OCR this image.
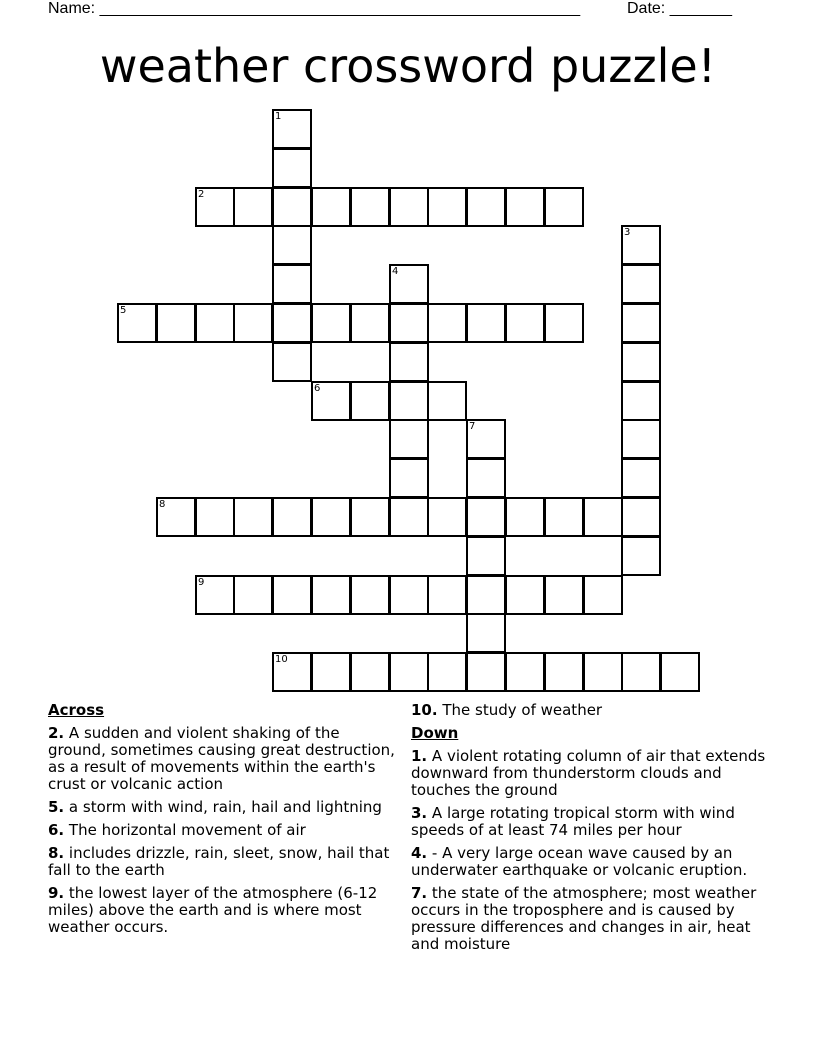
Name: ______________________________________________________	Date: _______
weather crossword puzzle!
1
2
3
4
5
6
7
8
9
10
Across
2. A sudden and violent shaking of the ground, sometimes causing great destruction, as a result of movements within the earth's crust or volcanic action
5. a storm with wind, rain, hail and lightning
6. The horizontal movement of air
8. includes drizzle, rain, sleet, snow, hail that fall to the earth
9. the lowest layer of the atmosphere (6-12 miles) above the earth and is where most weather occurs.
10. The study of weather
Down
1. A violent rotating column of air that extends downward from thunderstorm clouds and touches the ground
3. A large rotating tropical storm with wind speeds of at least 74 miles per hour
4. - A very large ocean wave caused by an underwater earthquake or volcanic eruption.
7. the state of the atmosphere; most weather occurs in the troposphere and is caused by pressure differences and changes in air, heat and moisture
